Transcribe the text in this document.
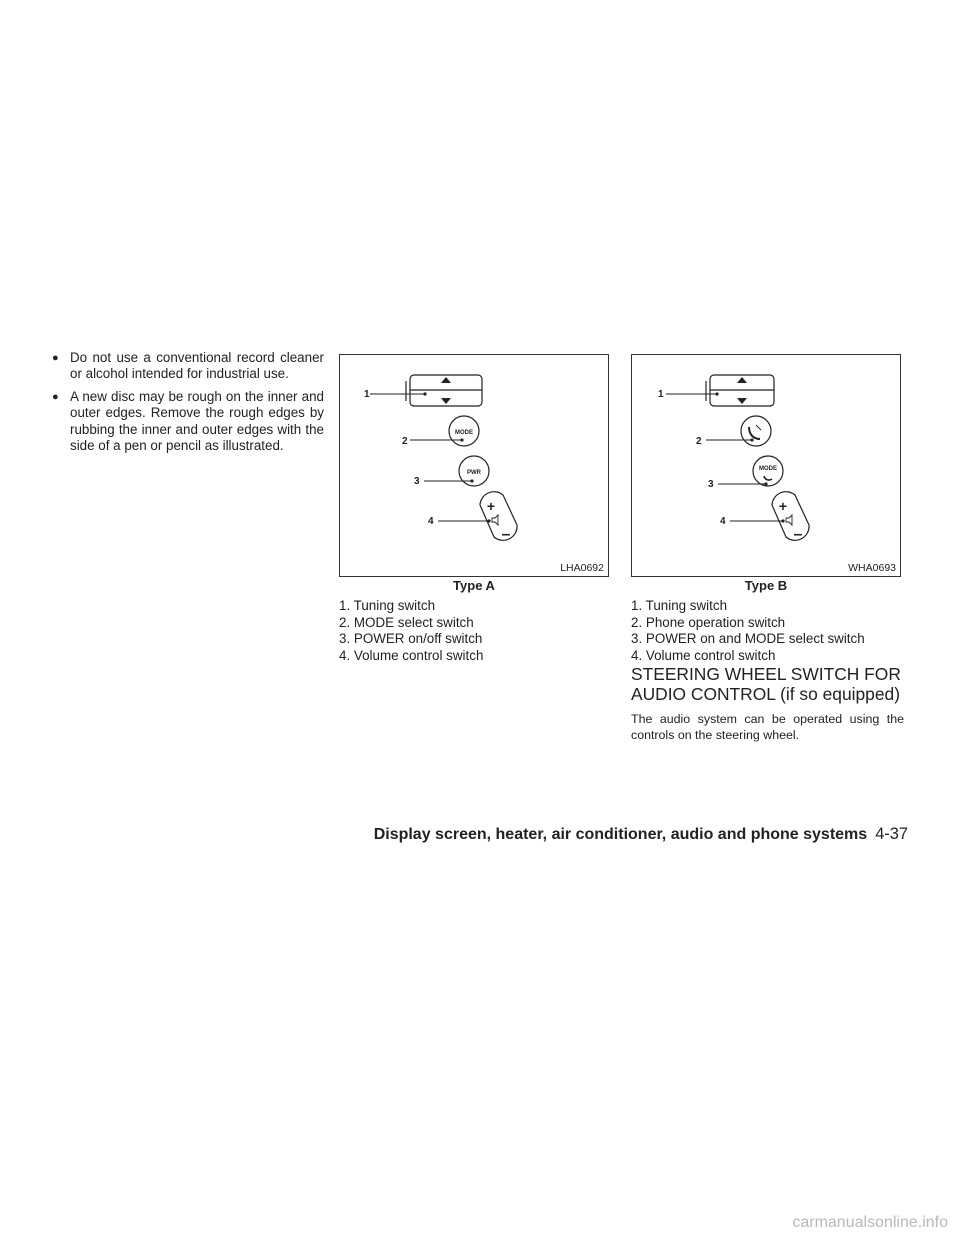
● Do not use a conventional record cleaner or alcohol intended for industrial use.
● A new disc may be rough on the inner and outer edges. Remove the rough edges by rubbing the inner and outer edges with the side of a pen or pencil as illustrated.
1
MODE
2
PWR
3
+
–
4
LHA0692
Type A
1
2
MODE
3
+
–
4
WHA0693
Type B
1. Tuning switch
2. MODE select switch
3. POWER on/off switch
4. Volume control switch
1. Tuning switch
2. Phone operation switch
3. POWER on and MODE select switch
4. Volume control switch
STEERING WHEEL SWITCH FOR
AUDIO CONTROL (if so equipped)
The audio system can be operated using the controls on the steering wheel.
Display screen, heater, air conditioner, audio and phone systems 4-37
carmanualsonline.info
